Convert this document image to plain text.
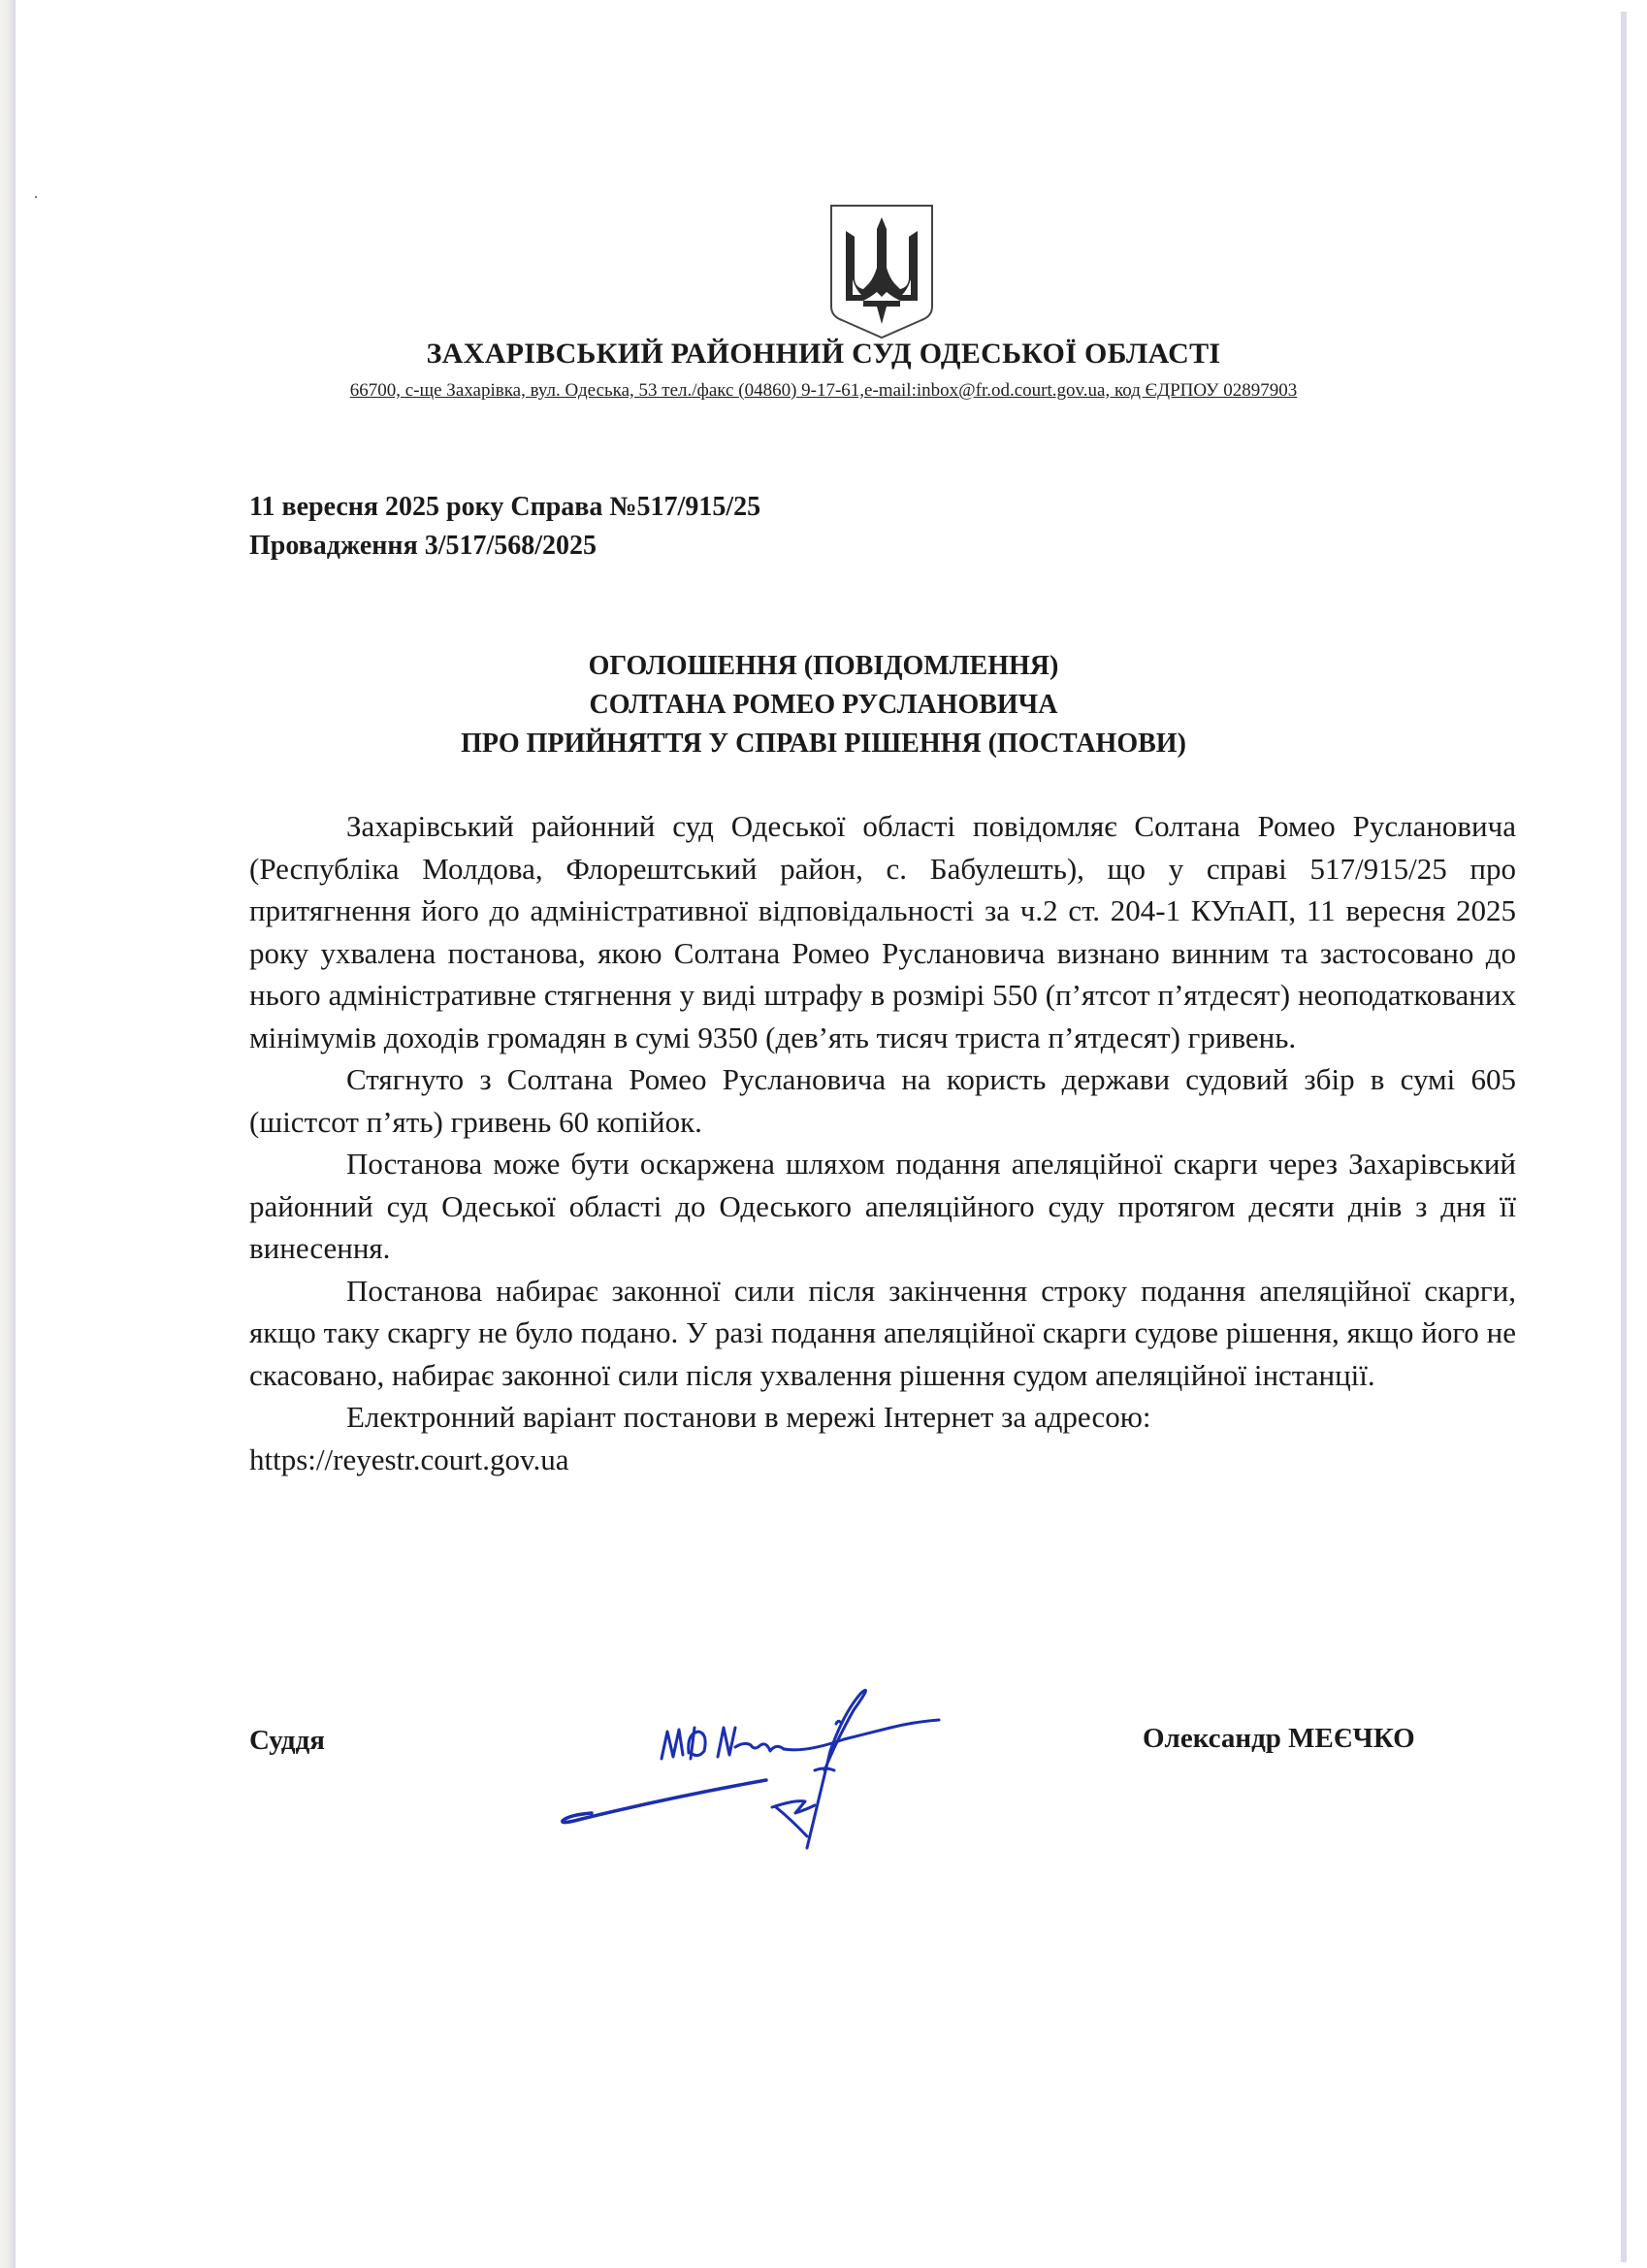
ЗАХАРІВСЬКИЙ РАЙОННИЙ СУД ОДЕСЬКОЇ ОБЛАСТІ
66700, с-ще Захарівка, вул. Одеська, 53 тел./факс (04860) 9-17-61,e-mail:inbox@fr.od.court.gov.ua, код ЄДРПОУ 02897903
11 вересня 2025 року Справа №517/915/25
Провадження 3/517/568/2025
ОГОЛОШЕННЯ (ПОВІДОМЛЕННЯ)
СОЛТАНА РОМЕО РУСЛАНОВИЧА
ПРО ПРИЙНЯТТЯ У СПРАВІ РІШЕННЯ (ПОСТАНОВИ)

Захарівський районний суд Одеської області повідомляє Солтана Ромео Руслановича (Республіка Молдова, Флорештський район, с. Бабулешть), що у справі 517/915/25 про притягнення його до адміністративної відповідальності за ч.2 ст. 204-1 КУпАП, 11 вересня 2025 року ухвалена постанова, якою Солтана Ромео Руслановича визнано винним та застосовано до нього адміністративне стягнення у виді штрафу в розмірі 550 (п’ятсот п’ятдесят) неоподаткованих мінімумів доходів громадян в сумі 9350 (дев’ять тисяч триста п’ятдесят) гривень.

Стягнуто з Солтана Ромео Руслановича на користь держави судовий збір в сумі 605 (шістсот п’ять) гривень 60 копійок.

Постанова може бути оскаржена шляхом подання апеляційної скарги через Захарівський районний суд Одеської області до Одеського апеляційного суду протягом десяти днів з дня її винесення.

Постанова набирає законної сили після закінчення строку подання апеляційної скарги, якщо таку скаргу не було подано. У разі подання апеляційної скарги судове рішення, якщо його не скасовано, набирає законної сили після ухвалення рішення судом апеляційної інстанції.

Електронний варіант постанови в мережі Інтернет за адресою:

https://reyestr.court.gov.ua

Суддя	Олександр МЕЄЧКО
